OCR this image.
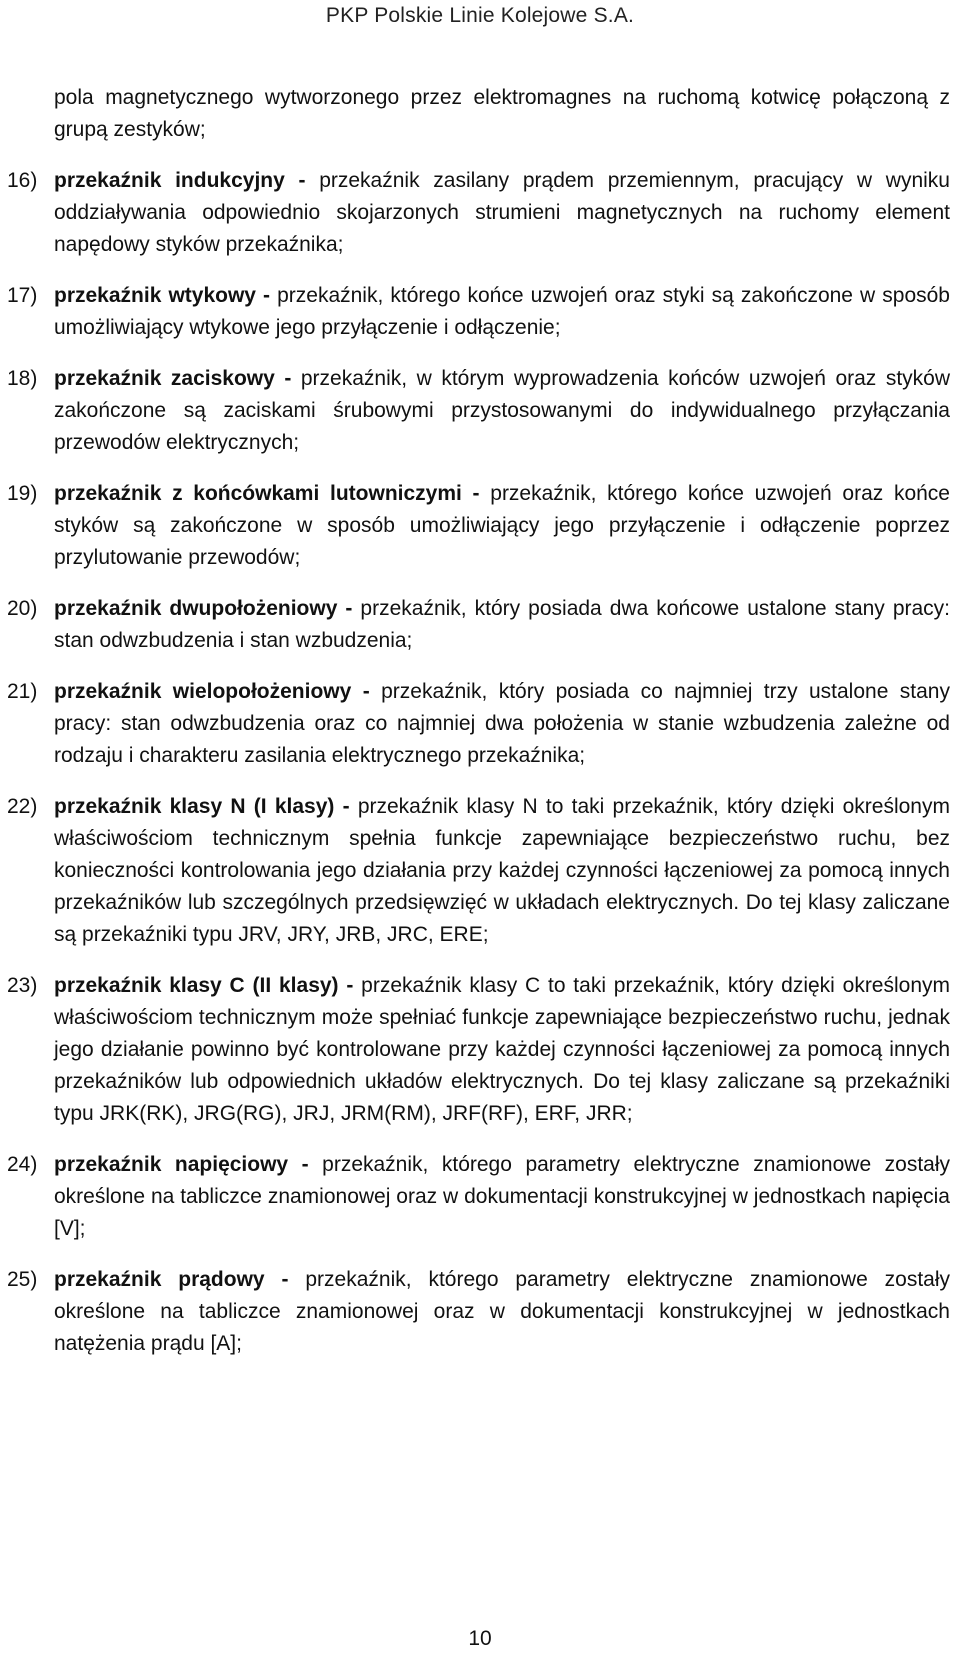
PKP Polskie Linie Kolejowe S.A.
pola magnetycznego wytworzonego przez elektromagnes na ruchomą kotwicę połączoną z grupą zestyków;
16) przekaźnik indukcyjny - przekaźnik zasilany prądem przemiennym, pracujący w wyniku oddziaływania odpowiednio skojarzonych strumieni magnetycznych na ruchomy element napędowy styków przekaźnika;
17) przekaźnik wtykowy - przekaźnik, którego końce uzwojeń oraz styki są zakończone w sposób umożliwiający wtykowe jego przyłączenie i odłączenie;
18) przekaźnik zaciskowy - przekaźnik, w którym wyprowadzenia końców uzwojeń oraz styków zakończone są zaciskami śrubowymi przystosowanymi do indywidualnego przyłączania przewodów elektrycznych;
19) przekaźnik z końcówkami lutowniczymi - przekaźnik, którego końce uzwojeń oraz końce styków są zakończone w sposób umożliwiający jego przyłączenie i odłączenie poprzez przylutowanie przewodów;
20) przekaźnik dwupołożeniowy - przekaźnik, który posiada dwa końcowe ustalone stany pracy: stan odwzbudzenia i stan wzbudzenia;
21) przekaźnik wielopołożeniowy - przekaźnik, który posiada co najmniej trzy ustalone stany pracy: stan odwzbudzenia oraz co najmniej dwa położenia w stanie wzbudzenia zależne od rodzaju i charakteru zasilania elektrycznego przekaźnika;
22) przekaźnik klasy N (I klasy) - przekaźnik klasy N to taki przekaźnik, który dzięki określonym właściwościom technicznym spełnia funkcje zapewniające bezpieczeństwo ruchu, bez konieczności kontrolowania jego działania przy każdej czynności łączeniowej za pomocą innych przekaźników lub szczególnych przedsięwzięć w układach elektrycznych. Do tej klasy zaliczane są przekaźniki typu JRV, JRY, JRB, JRC, ERE;
23) przekaźnik klasy C (II klasy) - przekaźnik klasy C to taki przekaźnik, który dzięki określonym właściwościom technicznym może spełniać funkcje zapewniające bezpieczeństwo ruchu, jednak jego działanie powinno być kontrolowane przy każdej czynności łączeniowej za pomocą innych przekaźników lub odpowiednich układów elektrycznych. Do tej klasy zaliczane są przekaźniki typu JRK(RK), JRG(RG), JRJ, JRM(RM), JRF(RF), ERF, JRR;
24) przekaźnik napięciowy - przekaźnik, którego parametry elektryczne znamionowe zostały określone na tabliczce znamionowej oraz w dokumentacji konstrukcyjnej w jednostkach napięcia [V];
25) przekaźnik prądowy - przekaźnik, którego parametry elektryczne znamionowe zostały określone na tabliczce znamionowej oraz w dokumentacji konstrukcyjnej w jednostkach natężenia prądu [A];
10
